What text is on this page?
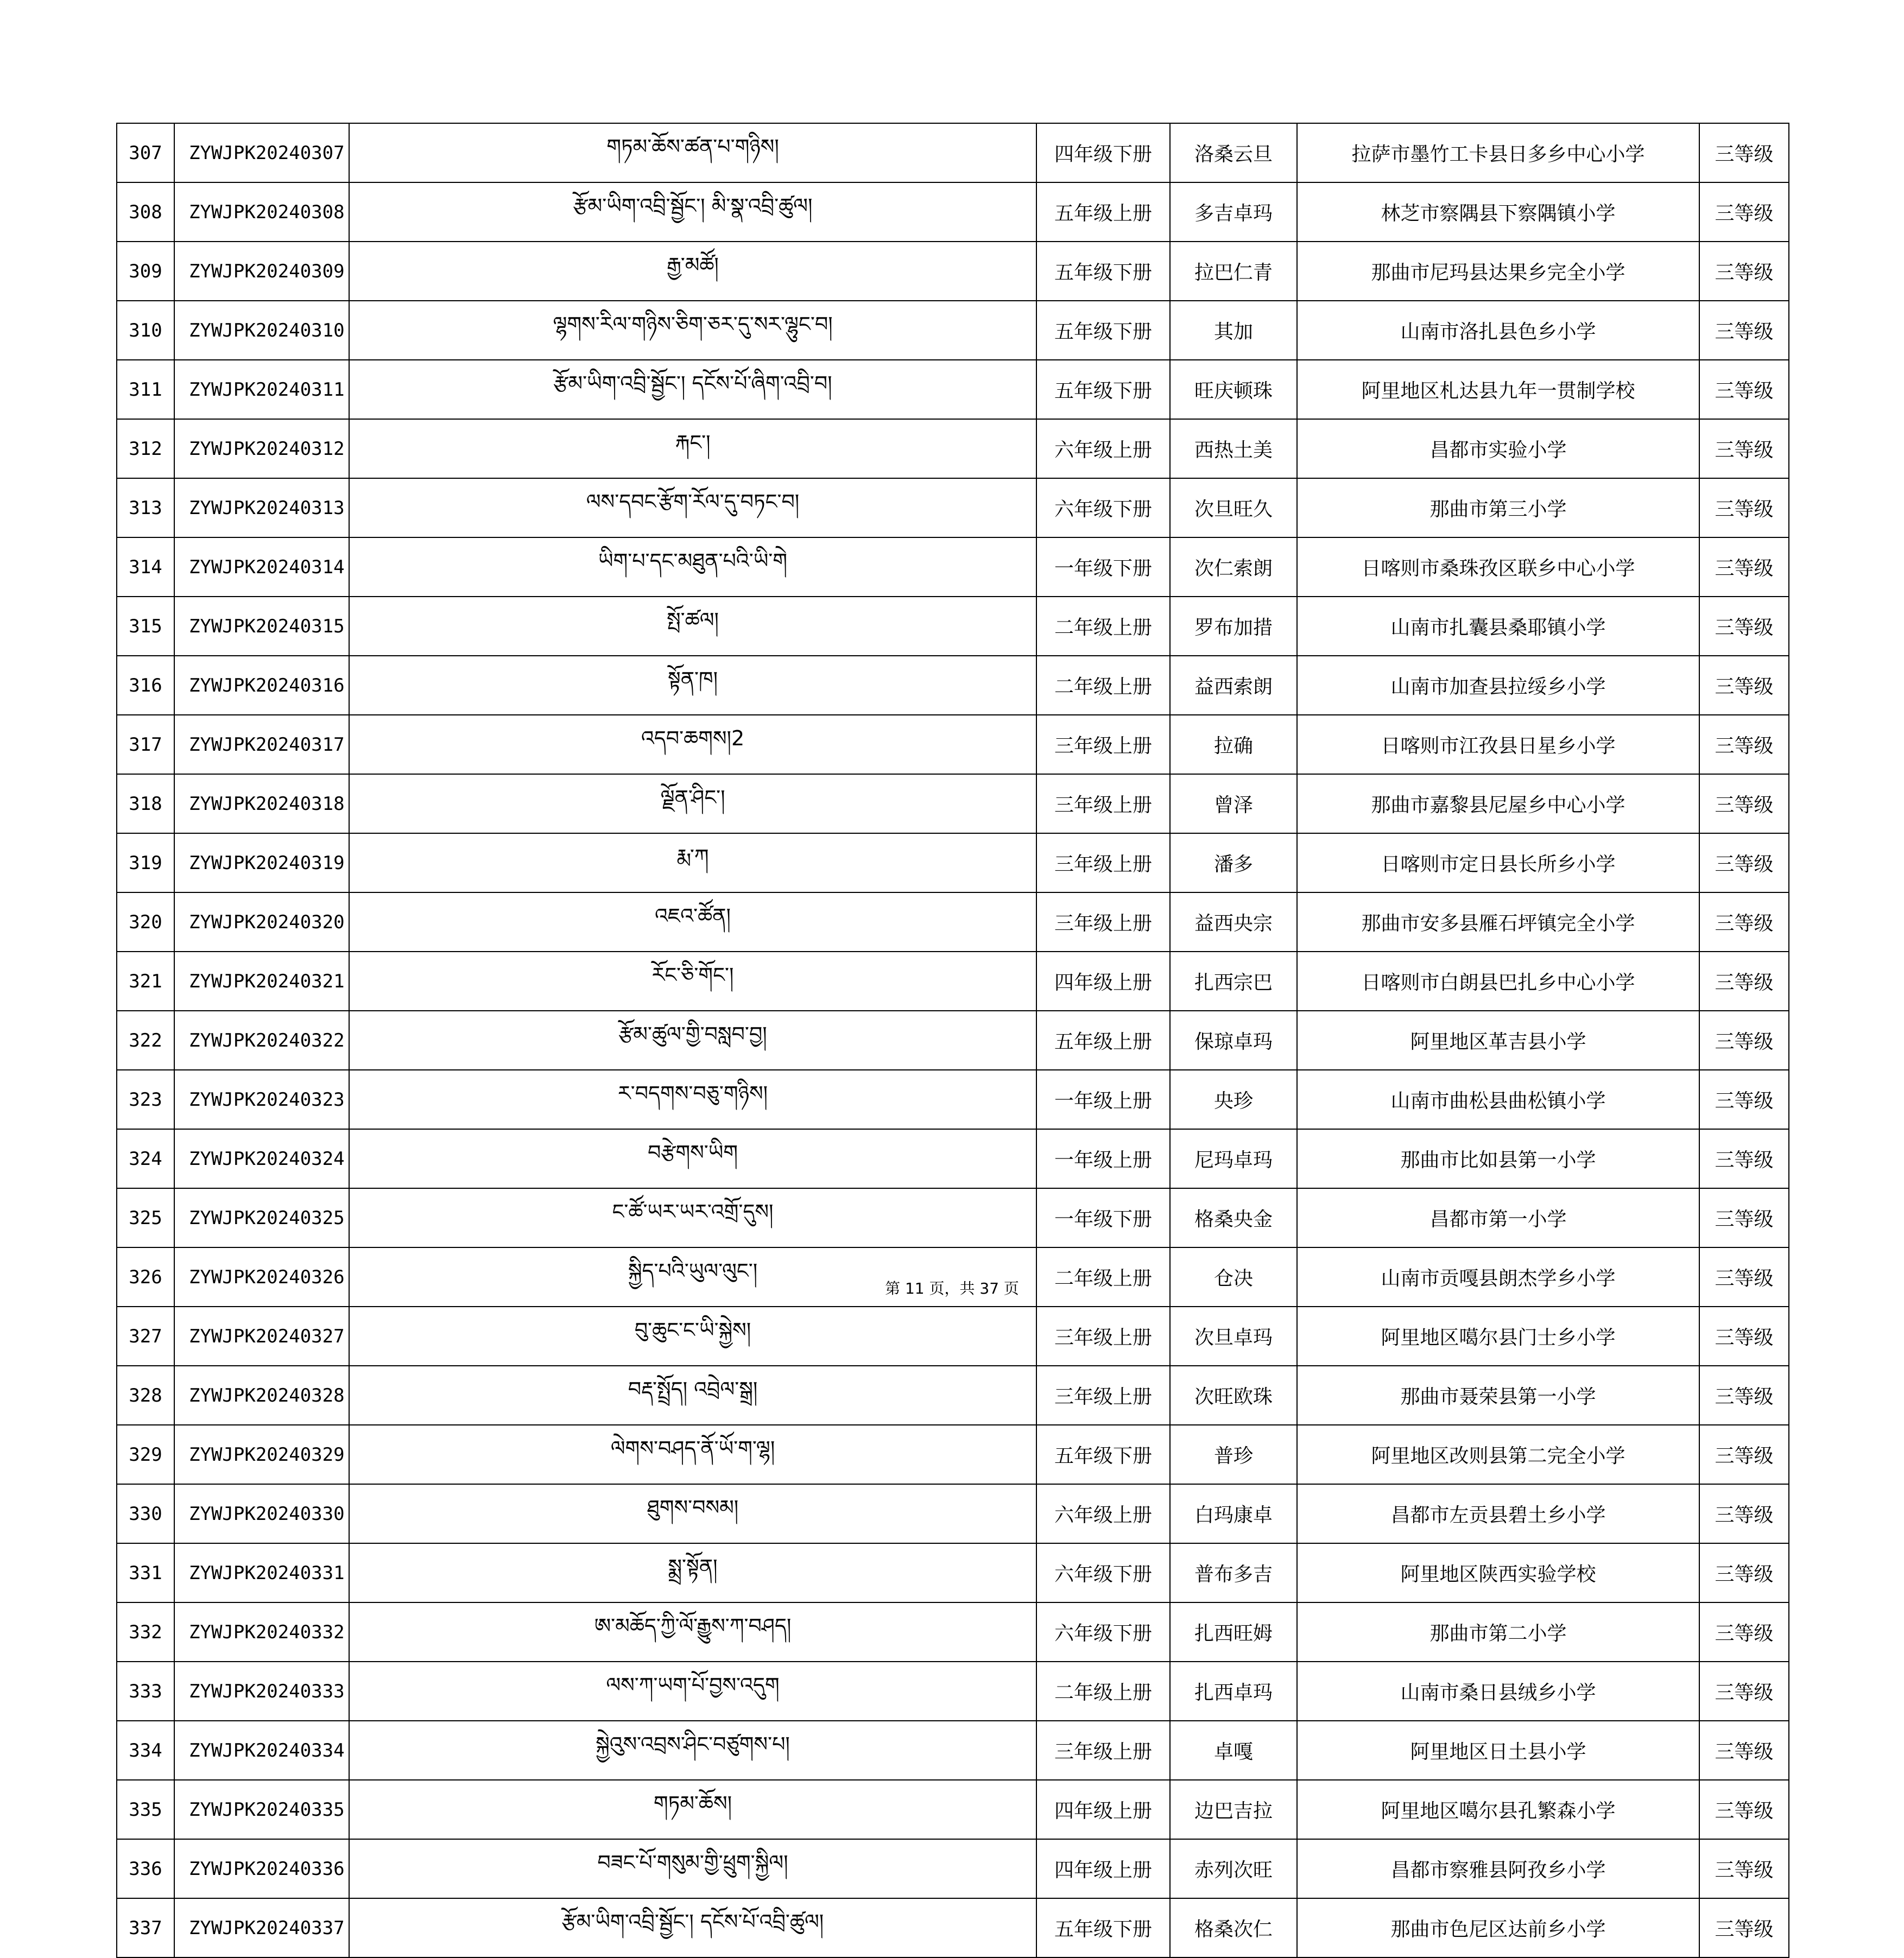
307	ZYWJPK20240307	གཏམ་ཆོས་ཚན་པ་གཉིས།	四年级下册	洛桑云旦	拉萨市墨竹工卡县日多乡中心小学	三等级
308	ZYWJPK20240308	རྩོམ་ཡིག་འབྲི་སྦྱོང་། མི་སྣ་འབྲི་ཚུལ།	五年级上册	多吉卓玛	林芝市察隅县下察隅镇小学	三等级
309	ZYWJPK20240309	རྒྱ་མཚོ།	五年级下册	拉巴仁青	那曲市尼玛县达果乡完全小学	三等级
310	ZYWJPK20240310	ལྷགས་རིལ་གཉིས་ཅིག་ཅར་དུ་སར་ལྷུང་བ།	五年级下册	其加	山南市洛扎县色乡小学	三等级
311	ZYWJPK20240311	རྩོམ་ཡིག་འབྲི་སྦྱོང་། དངོས་པོ་ཞིག་འབྲི་བ།	五年级下册	旺庆顿珠	阿里地区札达县九年一贯制学校	三等级
312	ZYWJPK20240312	རྐང་།	六年级上册	西热土美	昌都市实验小学	三等级
313	ZYWJPK20240313	ལས་དབང་རྩོག་རོལ་དུ་བཏང་བ།	六年级下册	次旦旺久	那曲市第三小学	三等级
314	ZYWJPK20240314	ཡིག་པ་དང་མཐུན་པའི་ཡི་གེ	一年级下册	次仁索朗	日喀则市桑珠孜区联乡中心小学	三等级
315	ZYWJPK20240315	སྤོ་ཚལ།	二年级上册	罗布加措	山南市扎囊县桑耶镇小学	三等级
316	ZYWJPK20240316	སྟོན་ཁ།	二年级上册	益西索朗	山南市加查县拉绥乡小学	三等级
317	ZYWJPK20240317	འདབ་ཆགས།2	三年级上册	拉确	日喀则市江孜县日星乡小学	三等级
318	ZYWJPK20240318	ལྗོན་ཤིང་།	三年级上册	曾泽	那曲市嘉黎县尼屋乡中心小学	三等级
319	ZYWJPK20240319	རྨ་ཀ	三年级上册	潘多	日喀则市定日县长所乡小学	三等级
320	ZYWJPK20240320	འཇའ་ཚོན།	三年级上册	益西央宗	那曲市安多县雁石坪镇完全小学	三等级
321	ZYWJPK20240321	རོང་ཅི་གོང་།	四年级上册	扎西宗巴	日喀则市白朗县巴扎乡中心小学	三等级
322	ZYWJPK20240322	རྩོམ་ཚུལ་གྱི་བསླབ་བྱ།	五年级上册	保琼卓玛	阿里地区革吉县小学	三等级
323	ZYWJPK20240323	ར་བདགས་བཅུ་གཉིས།	一年级上册	央珍	山南市曲松县曲松镇小学	三等级
324	ZYWJPK20240324	བརྩེགས་ཡིག	一年级上册	尼玛卓玛	那曲市比如县第一小学	三等级
325	ZYWJPK20240325	ང་ཚོ་ཡར་ཡར་འགྲོ་དུས།	一年级下册	格桑央金	昌都市第一小学	三等级
326	ZYWJPK20240326	སྐྱིད་པའི་ཡུལ་ལུང་།	二年级上册	仓决	山南市贡嘎县朗杰学乡小学	三等级
327	ZYWJPK20240327	བུ་ཆུང་ང་ཡི་སྐྱེས།	三年级上册	次旦卓玛	阿里地区噶尔县门士乡小学	三等级
328	ZYWJPK20240328	བརྡ་སྤྲོད། འབྲེལ་སྒྲ།	三年级上册	次旺欧珠	那曲市聂荣县第一小学	三等级
329	ZYWJPK20240329	ལེགས་བཤད་ནོ་ཡོ་ག་ལྷ།	五年级下册	普珍	阿里地区改则县第二完全小学	三等级
330	ZYWJPK20240330	ཐུགས་བསམ།	六年级上册	白玛康卓	昌都市左贡县碧土乡小学	三等级
331	ZYWJPK20240331	སྨྲ་སྟོན།	六年级下册	普布多吉	阿里地区陕西实验学校	三等级
332	ZYWJPK20240332	ཨ་མཆོད་ཀྱི་ལོ་རྒྱུས་ཀ་བཤད།	六年级下册	扎西旺姆	那曲市第二小学	三等级
333	ZYWJPK20240333	ལས་ཀ་ཡག་པོ་བྱས་འདུག	二年级上册	扎西卓玛	山南市桑日县绒乡小学	三等级
334	ZYWJPK20240334	སྐྱེའུས་འབྲས་ཤིང་བཙུགས་པ།	三年级上册	卓嘎	阿里地区日土县小学	三等级
335	ZYWJPK20240335	གཏམ་ཆོས།	四年级上册	边巴吉拉	阿里地区噶尔县孔繁森小学	三等级
336	ZYWJPK20240336	བཟང་པོ་གསུམ་གྱི་ཕྲུག་སྐྱིལ།	四年级上册	赤列次旺	昌都市察雅县阿孜乡小学	三等级
337	ZYWJPK20240337	རྩོམ་ཡིག་འབྲི་སྦྱོང་། དངོས་པོ་འབྲི་ཚུལ།	五年级下册	格桑次仁	那曲市色尼区达前乡小学	三等级
第 11 页，共 37 页
